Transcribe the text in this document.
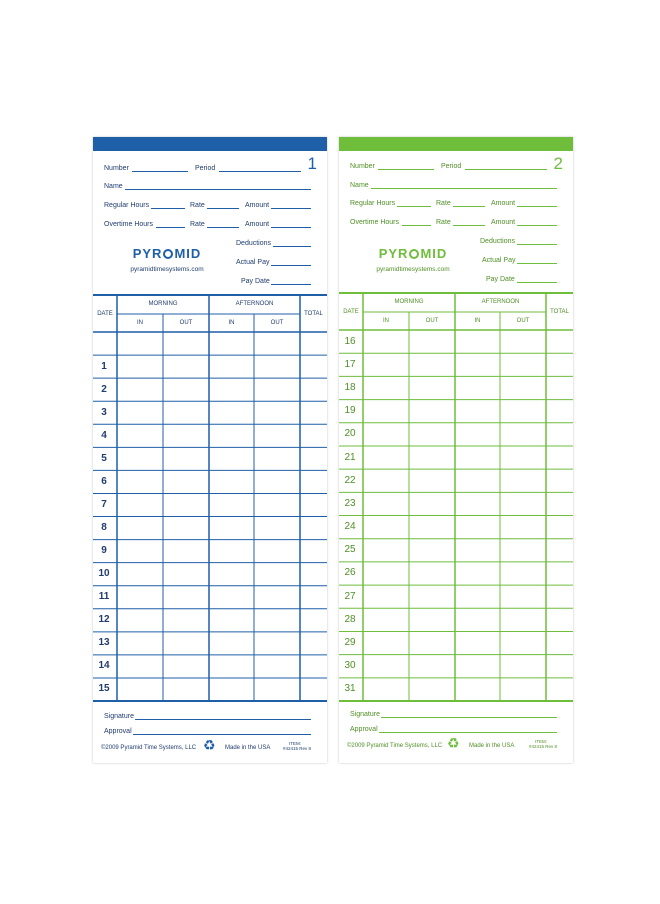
1
Number	Period
Name
Regular Hours	Rate	Amount
Overtime Hours	Rate	Amount
Deductions
Actual Pay
Pay Date
PYR MID
pyramidtimesystems.com
DATE
MORNING	AFTERNOON
TOTAL
IN	OUT	IN	OUT
1
2
3
4
5
6
7
8
9
10
11
12
13
14
15
Signature
Approval
©2009 Pyramid Time Systems, LLC ♻ Made in the USA
ITEM:
#42415 Rev 8
2
Number	Period
Name
Regular Hours	Rate	Amount
Overtime Hours	Rate	Amount
Deductions
Actual Pay
Pay Date
PYR MID
pyramidtimesystems.com
DATE
MORNING	AFTERNOON
TOTAL
IN	OUT	IN	OUT
16
17
18
19
20
21
22
23
24
25
26
27
28
29
30
31
Signature
Approval
©2009 Pyramid Time Systems, LLC ♻ Made in the USA
ITEM:
#42415 Rev 8
